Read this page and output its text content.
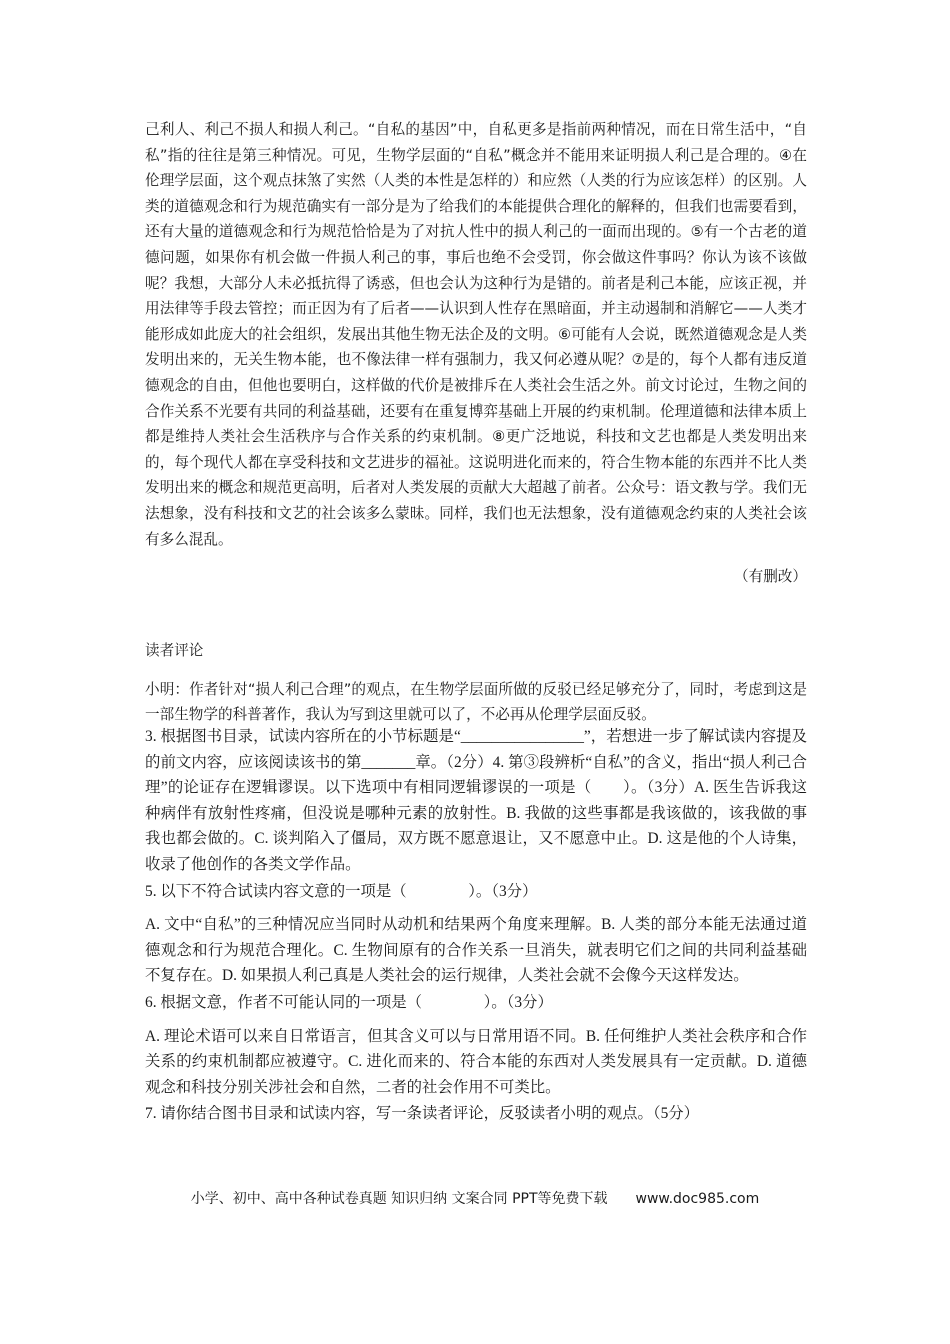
己利人、利己不损人和损人利己。“自私的基因”中，自私更多是指前两种情况，而在日常生活中，“自私”指的往往是第三种情况。可见，生物学层面的“自私”概念并不能用来证明损人利己是合理的。④在伦理学层面，这个观点抹煞了实然（人类的本性是怎样的）和应然（人类的行为应该怎样）的区别。人类的道德观念和行为规范确实有一部分是为了给我们的本能提供合理化的解释的，但我们也需要看到，还有大量的道德观念和行为规范恰恰是为了对抗人性中的损人利己的一面而出现的。⑤有一个古老的道德问题，如果你有机会做一件损人利己的事，事后也绝不会受罚，你会做这件事吗？你认为该不该做呢？我想，大部分人未必抵抗得了诱惑，但也会认为这种行为是错的。前者是利己本能，应该正视，并用法律等手段去管控；而正因为有了后者——认识到人性存在黑暗面，并主动遏制和消解它——人类才能形成如此庞大的社会组织，发展出其他生物无法企及的文明。⑥可能有人会说，既然道德观念是人类发明出来的，无关生物本能，也不像法律一样有强制力，我又何必遵从呢？⑦是的，每个人都有违反道德观念的自由，但他也要明白，这样做的代价是被排斥在人类社会生活之外。前文讨论过，生物之间的合作关系不光要有共同的利益基础，还要有在重复博弈基础上开展的约束机制。伦理道德和法律本质上都是维持人类社会生活秩序与合作关系的约束机制。⑧更广泛地说，科技和文艺也都是人类发明出来的，每个现代人都在享受科技和文艺进步的福祉。这说明进化而来的，符合生物本能的东西并不比人类发明出来的概念和规范更高明，后者对人类发展的贡献大大超越了前者。公众号：语文教与学。我们无法想象，没有科技和文艺的社会该多么蒙昧。同样，我们也无法想象，没有道德观念约束的人类社会该有多么混乱。

（有删改）

读者评论

小明：作者针对“损人利己合理”的观点，在生物学层面所做的反驳已经足够充分了，同时，考虑到这是一部生物学的科普著作，我认为写到这里就可以了，不必再从伦理学层面反驳。

3. 根据图书目录，试读内容所在的小节标题是“________________”，若想进一步了解试读内容提及的前文内容，应该阅读该书的第_______章。（2分）4. 第③段辨析“自私”的含义，指出“损人利己合理”的论证存在逻辑谬误。以下选项中有相同逻辑谬误的一项是（　　）。（3分）A. 医生告诉我这种病伴有放射性疼痛，但没说是哪种元素的放射性。B. 我做的这些事都是我该做的，该我做的事我也都会做的。C. 谈判陷入了僵局，双方既不愿意退让，又不愿意中止。D. 这是他的个人诗集，收录了他创作的各类文学作品。

5. 以下不符合试读内容文意的一项是（　　　　）。（3分）

A. 文中“自私”的三种情况应当同时从动机和结果两个角度来理解。B. 人类的部分本能无法通过道德观念和行为规范合理化。C. 生物间原有的合作关系一旦消失，就表明它们之间的共同利益基础不复存在。D. 如果损人利己真是人类社会的运行规律，人类社会就不会像今天这样发达。

6. 根据文意，作者不可能认同的一项是（　　　　）。（3分）

A. 理论术语可以来自日常语言，但其含义可以与日常用语不同。B. 任何维护人类社会秩序和合作关系的约束机制都应被遵守。C. 进化而来的、符合本能的东西对人类发展具有一定贡献。D. 道德观念和科技分别关涉社会和自然，二者的社会作用不可类比。

7. 请你结合图书目录和试读内容，写一条读者评论，反驳读者小明的观点。（5分）

小学、初中、高中各种试卷真题 知识归纳 文案合同 PPT等免费下载 www.doc985.com
